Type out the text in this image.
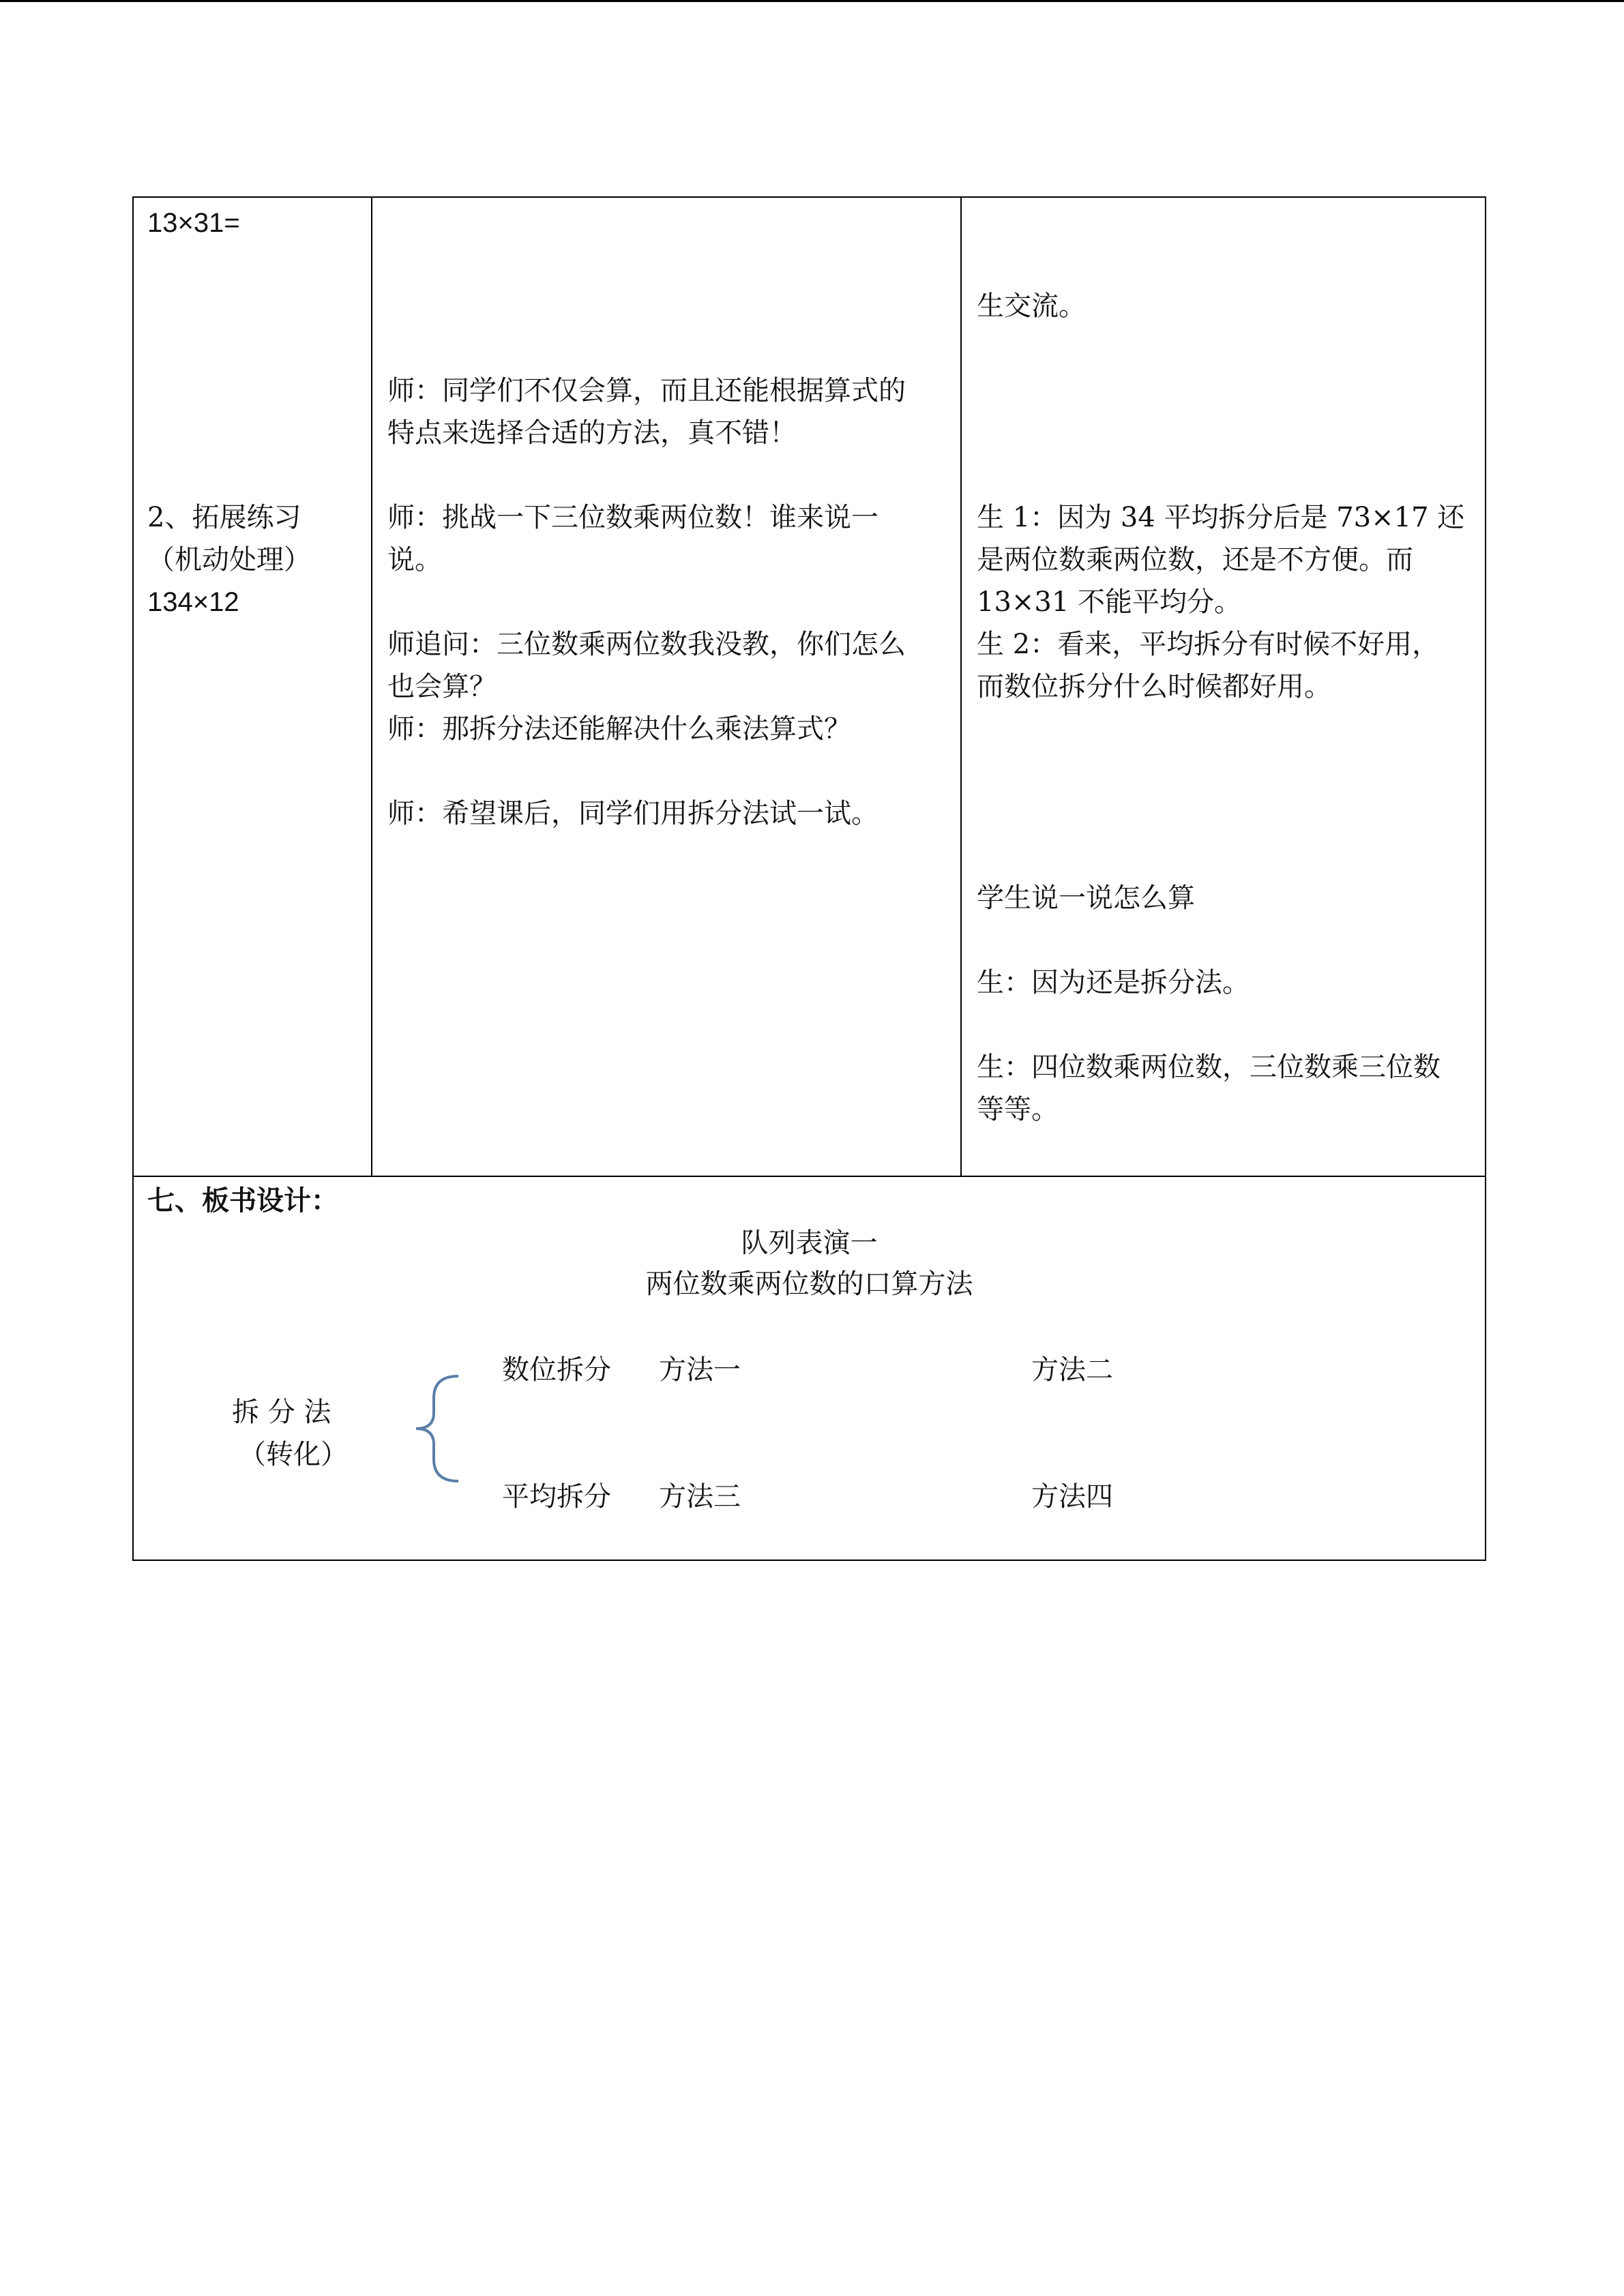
13×31=
2、拓展练习
（机动处理）
134×12
师：同学们不仅会算，而且还能根据算式的
特点来选择合适的方法，真不错！
师：挑战一下三位数乘两位数！谁来说一
说。
师追问：三位数乘两位数我没教，你们怎么
也会算？
师：那拆分法还能解决什么乘法算式？
师：希望课后，同学们用拆分法试一试。
生交流。
生 1：因为 34 平均拆分后是 73×17 还
是两位数乘两位数，还是不方便。而
13×31 不能平均分。
生 2：看来，平均拆分有时候不好用，
而数位拆分什么时候都好用。
学生说一说怎么算
生：因为还是拆分法。
生：四位数乘两位数，三位数乘三位数
等等。
七、板书设计：
队列表演一
两位数乘两位数的口算方法
拆 分 法
（转化）
数位拆分 方法一	方法二
平均拆分 方法三	方法四
